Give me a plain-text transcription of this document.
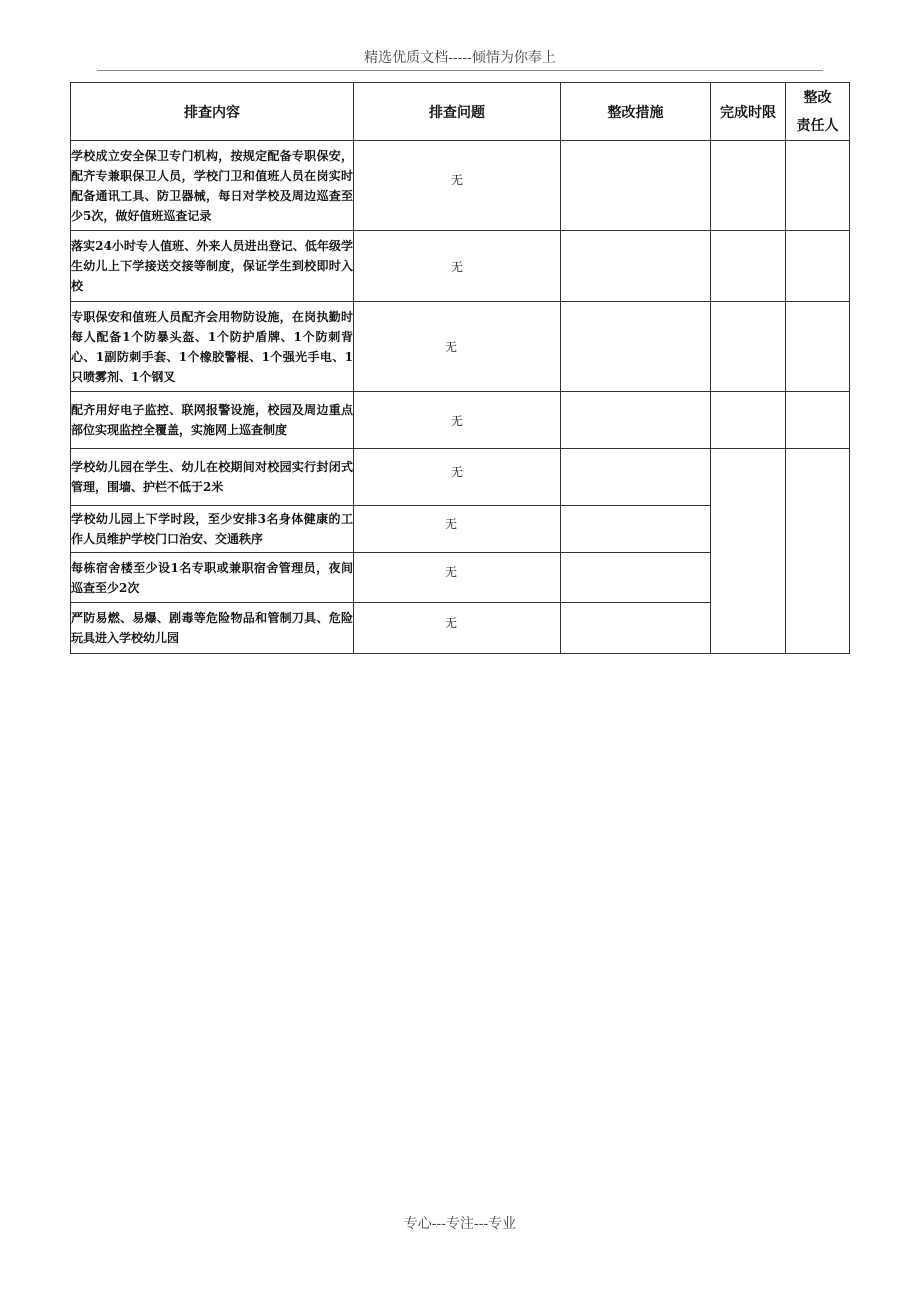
精选优质文档-----倾情为你奉上
排查内容	排查问题	整改措施	完成时限	整改
责任人

学校成立安全保卫专门机构，按规定配备专职保安，配齐专兼职保卫人员，学校门卫和值班人员在岗实时配备通讯工具、防卫器械，每日对学校及周边巡查至少5次，做好值班巡查记录	无			

落实24小时专人值班、外来人员进出登记、低年级学生幼儿上下学接送交接等制度，保证学生到校即时入校	无			

专职保安和值班人员配齐会用物防设施，在岗执勤时每人配备1个防暴头盔、1个防护盾牌、1个防刺背心、1副防刺手套、1个橡胶警棍、1个强光手电、1只喷雾剂、1个钢叉	无			

配齐用好电子监控、联网报警设施，校园及周边重点部位实现监控全覆盖，实施网上巡查制度	无			

学校幼儿园在学生、幼儿在校期间对校园实行封闭式管理，围墙、护栏不低于2米	无			

学校幼儿园上下学时段，至少安排3名身体健康的工作人员维护学校门口治安、交通秩序	无			

每栋宿舍楼至少设1名专职或兼职宿舍管理员，夜间巡查至少2次	无			

严防易燃、易爆、剧毒等危险物品和管制刀具、危险玩具进入学校幼儿园	无			

专心---专注---专业
